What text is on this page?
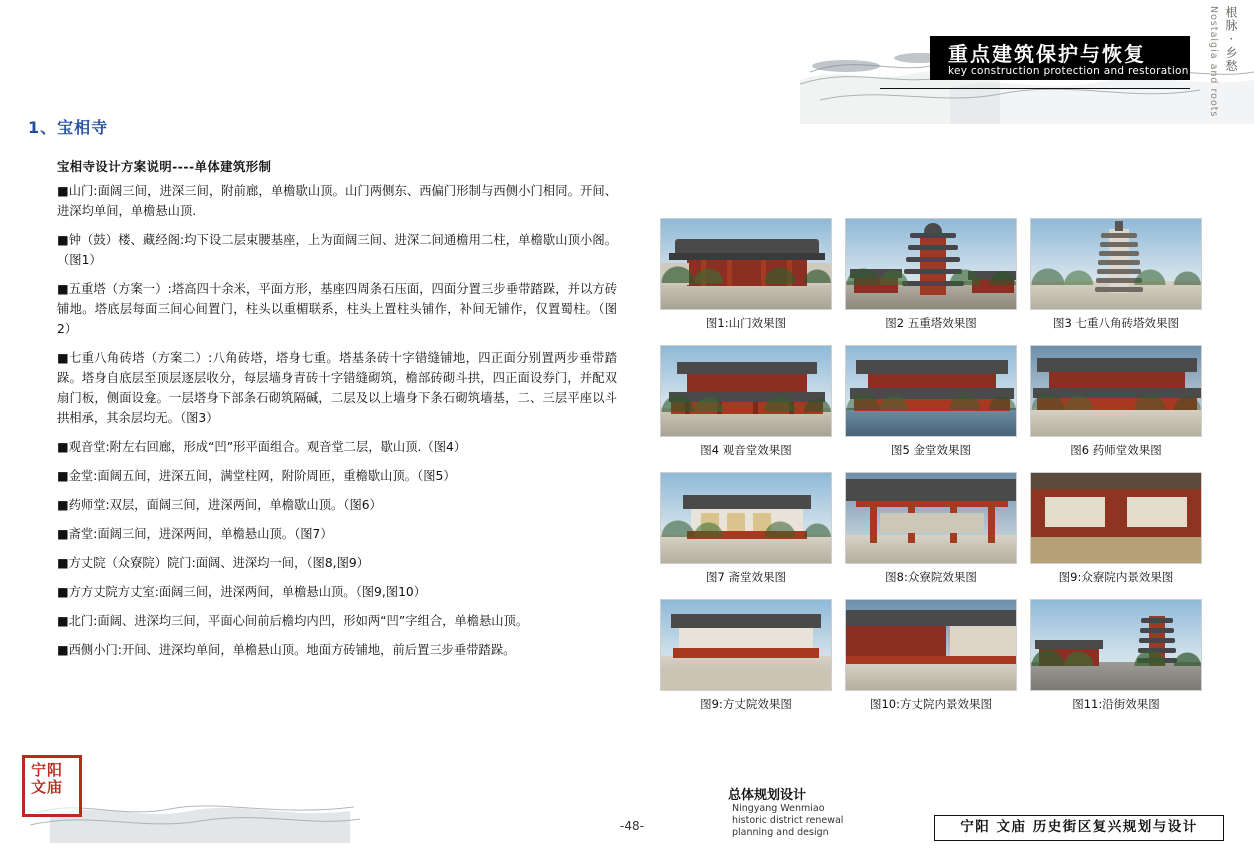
重点建筑保护与恢复
key construction protection and restoration	根脉 · 乡愁 Nostalgia and roots
1、宝相寺
宝相寺设计方案说明----单体建筑形制

■山门:面阔三间，进深三间，附前廊，单檐歇山顶。山门两侧东、西偏门形制与西侧小门相同。开间、进深均单间，单檐悬山顶.

■钟（鼓）楼、藏经阁:均下设二层束腰基座，上为面阔三间、进深二间通檐用二柱，单檐歇山顶小阁。（图1）

■五重塔（方案一）:塔高四十余米，平面方形，基座四周条石压面，四面分置三步垂带踏跺，并以方砖铺地。塔底层每面三间心间置门，柱头以重楣联系，柱头上置柱头铺作，补间无铺作，仅置蜀柱。（图2）

■七重八角砖塔（方案二）:八角砖塔，塔身七重。塔基条砖十字错缝铺地，四正面分别置两步垂带踏跺。塔身自底层至顶层逐层收分，每层墙身青砖十字错缝砌筑，檐部砖砌斗拱，四正面设券门，并配双扇门板，侧面设龛。一层塔身下部条石砌筑隔碱，二层及以上墙身下条石砌筑墙基，二、三层平座以斗拱相承，其余层均无。（图3）

■观音堂:附左右回廊，形成“凹”形平面组合。观音堂二层，歇山顶.（图4）

■金堂:面阔五间，进深五间，满堂柱网，附阶周匝，重檐歇山顶。（图5）

■药师堂:双层，面阔三间，进深两间，单檐歇山顶。（图6）

■斋堂:面阔三间，进深两间，单檐悬山顶。（图7）

■方丈院（众寮院）院门:面阔、进深均一间，（图8,图9）

■方方丈院方丈室:面阔三间，进深两间，单檐悬山顶。（图9,图10）

■北门:面阔、进深均三间，平面心间前后檐均内凹，形如两“凹”字组合，单檐悬山顶。

■西侧小门:开间、进深均单间，单檐悬山顶。地面方砖铺地，前后置三步垂带踏跺。

图1:山门效果图	图2 五重塔效果图	图3 七重八角砖塔效果图
图4 观音堂效果图	图5 金堂效果图	图6 药师堂效果图
图7 斋堂效果图	图8:众寮院效果图	图9:众寮院内景效果图
图9:方丈院效果图	图10:方丈院内景效果图	图11:沿街效果图
宁阳 文庙
-48-
总体规划设计 Ningyang Wenmiao historic district renewal planning and design	宁阳 文庙 历史街区复兴规划与设计
